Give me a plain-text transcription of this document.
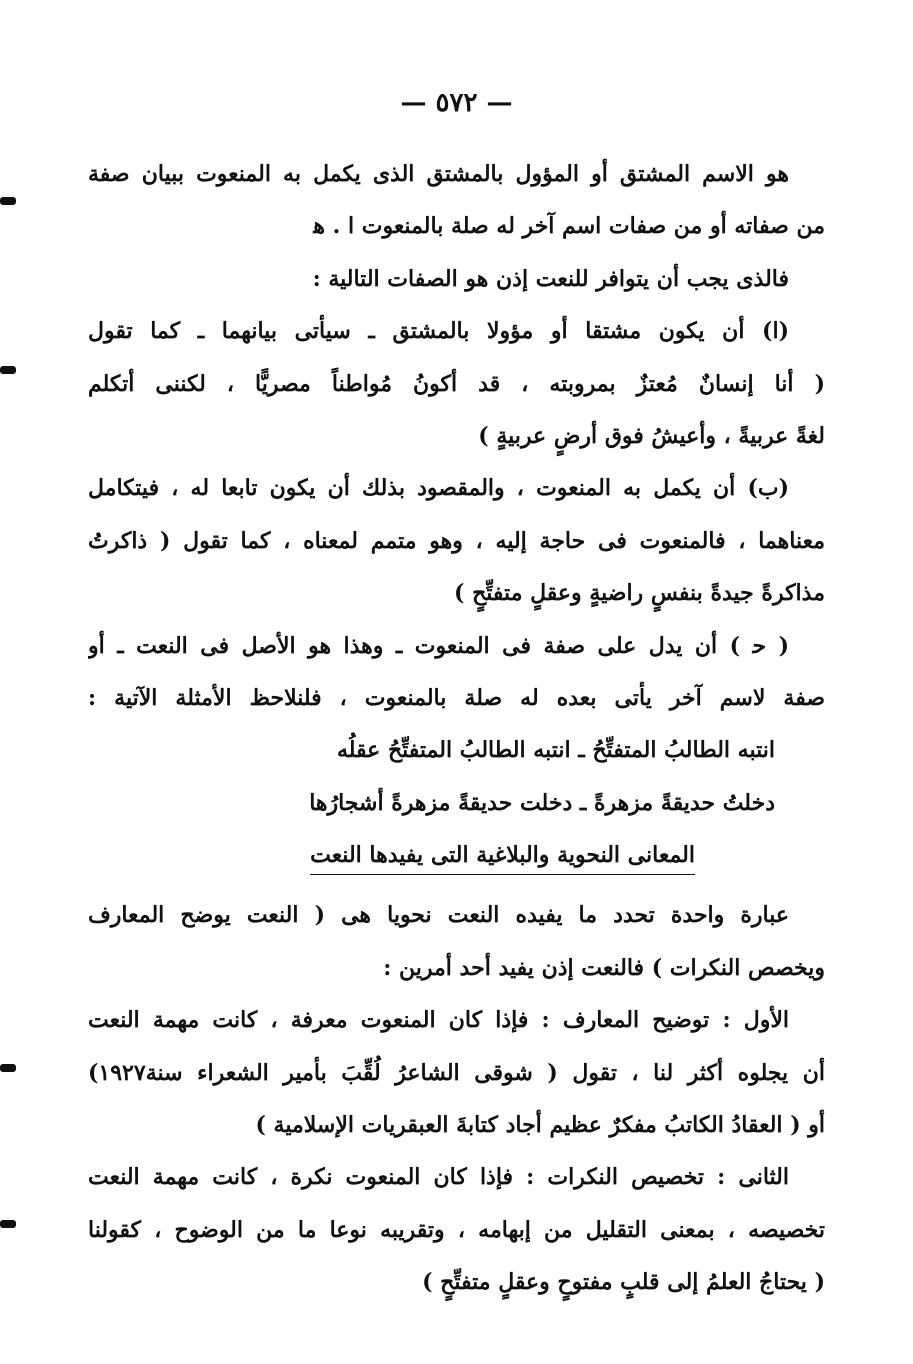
— ٥٧٢ —
هو الاسم المشتق أو المؤول بالمشتق الذى يكمل به المنعوت ببيان صفة
من صفاته أو من صفات اسم آخر له صلة بالمنعوت ا . ﻫ
فالذى يجب أن يتوافر للنعت إذن هو الصفات التالية :
(ا) أن يكون مشتقا أو مؤولا بالمشتق ـ سيأتى بيانهما ـ كما تقول
( أنا إنسانٌ مُعتزٌ بمروبته ، قد أكونُ مُواطناً مصريًّا ، لكننى أتكلم
لغةً عربيةً ، وأعيشُ فوق أرضٍ عربيةٍ )
(ب) أن يكمل به المنعوت ، والمقصود بذلك أن يكون تابعا له ، فيتكامل
معناهما ، فالمنعوت فى حاجة إليه ، وهو متمم لمعناه ، كما تقول ( ذاكرتُ
مذاكرةً جيدةً بنفسٍ راضيةٍ وعقلٍ متفتِّحٍ )
( ﺣ ) أن يدل على صفة فى المنعوت ـ وهذا هو الأصل فى النعت ـ أو
صفة لاسم آخر يأتى بعده له صلة بالمنعوت ، فلنلاحظ الأمثلة الآتية :
انتبه الطالبُ المتفتِّحُ ـ انتبه الطالبُ المتفتِّحُ عقلُه
دخلتُ حديقةً مزهرةً ـ دخلت حديقةً مزهرةً أشجارُها
المعانى النحوية والبلاغية التى يفيدها النعت
عبارة واحدة تحدد ما يفيده النعت نحويا هى ( النعت يوضح المعارف
ويخصص النكرات ) فالنعت إذن يفيد أحد أمرين :
الأول : توضيح المعارف : فإذا كان المنعوت معرفة ، كانت مهمة النعت
أن يجلوه أكثر لنا ، تقول ( شوقى الشاعرُ لُقِّبَ بأمير الشعراء سنة١٩٢٧)
أو ( العقادُ الكاتبُ مفكرٌ عظيم أجاد كتابةَ العبقريات الإسلامية )
الثانى : تخصيص النكرات : فإذا كان المنعوت نكرة ، كانت مهمة النعت
تخصيصه ، بمعنى التقليل من إبهامه ، وتقريبه نوعا ما من الوضوح ، كقولنا
( يحتاجُ العلمُ إلى قلبٍ مفتوحٍ وعقلٍ متفتِّحٍ )
